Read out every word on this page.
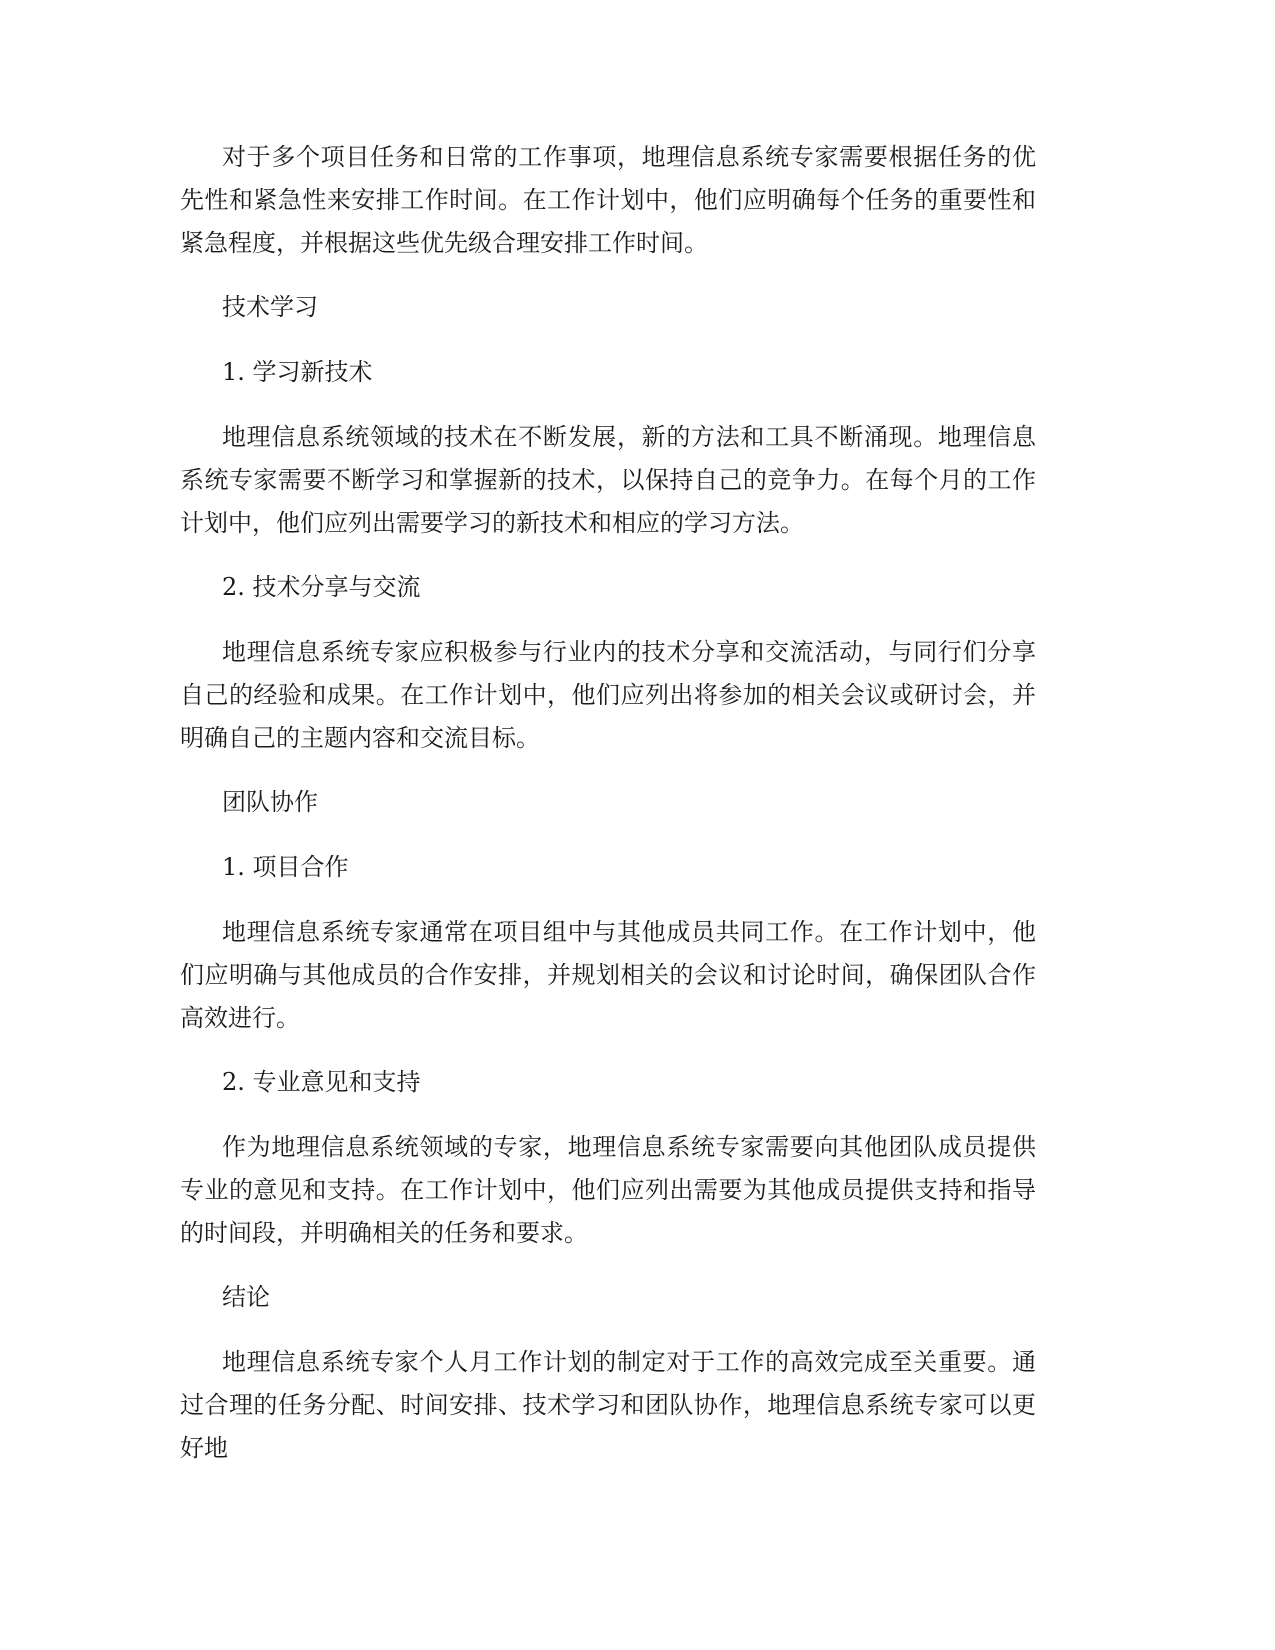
对于多个项目任务和日常的工作事项，地理信息系统专家需要根据任务的优先性和紧急性来安排工作时间。在工作计划中，他们应明确每个任务的重要性和紧急程度，并根据这些优先级合理安排工作时间。

技术学习

1. 学习新技术

地理信息系统领域的技术在不断发展，新的方法和工具不断涌现。地理信息系统专家需要不断学习和掌握新的技术，以保持自己的竞争力。在每个月的工作计划中，他们应列出需要学习的新技术和相应的学习方法。

2. 技术分享与交流

地理信息系统专家应积极参与行业内的技术分享和交流活动，与同行们分享自己的经验和成果。在工作计划中，他们应列出将参加的相关会议或研讨会，并明确自己的主题内容和交流目标。

团队协作

1. 项目合作

地理信息系统专家通常在项目组中与其他成员共同工作。在工作计划中，他们应明确与其他成员的合作安排，并规划相关的会议和讨论时间，确保团队合作高效进行。

2. 专业意见和支持

作为地理信息系统领域的专家，地理信息系统专家需要向其他团队成员提供专业的意见和支持。在工作计划中，他们应列出需要为其他成员提供支持和指导的时间段，并明确相关的任务和要求。

结论

地理信息系统专家个人月工作计划的制定对于工作的高效完成至关重要。通过合理的任务分配、时间安排、技术学习和团队协作，地理信息系统专家可以更好地
